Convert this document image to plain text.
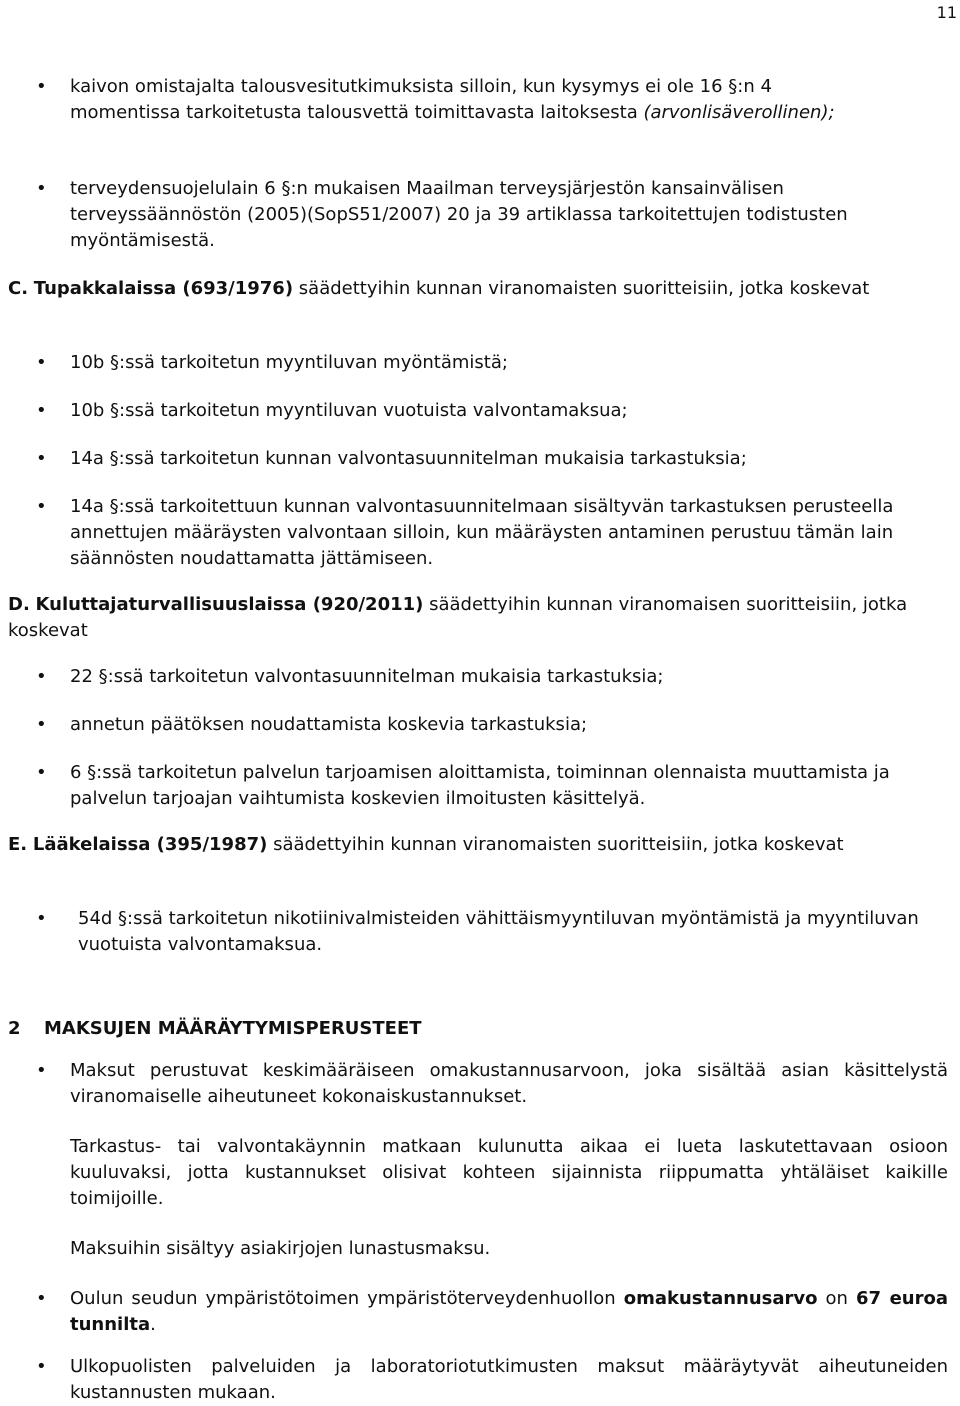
11
• kaivon omistajalta talousvesitutkimuksista silloin, kun kysymys ei ole 16 §:n 4 momentissa tarkoitetusta talousvettä toimittavasta laitoksesta (arvonlisäverollinen);
• terveydensuojelulain 6 §:n mukaisen Maailman terveysjärjestön kansainvälisen terveyssäännöstön (2005)(SopS51/2007) 20 ja 39 artiklassa tarkoitettujen todistusten myöntämisestä.
C. Tupakkalaissa (693/1976) säädettyihin kunnan viranomaisten suoritteisiin, jotka koskevat
• 10b §:ssä tarkoitetun myyntiluvan myöntämistä;
• 10b §:ssä tarkoitetun myyntiluvan vuotuista valvontamaksua;
• 14a §:ssä tarkoitetun kunnan valvontasuunnitelman mukaisia tarkastuksia;
• 14a §:ssä tarkoitettuun kunnan valvontasuunnitelmaan sisältyvän tarkastuksen perusteella annettujen määräysten valvontaan silloin, kun määräysten antaminen perustuu tämän lain säännösten noudattamatta jättämiseen.
D. Kuluttajaturvallisuuslaissa (920/2011) säädettyihin kunnan viranomaisen suoritteisiin, jotka koskevat
• 22 §:ssä tarkoitetun valvontasuunnitelman mukaisia tarkastuksia;
• annetun päätöksen noudattamista koskevia tarkastuksia;
• 6 §:ssä tarkoitetun palvelun tarjoamisen aloittamista, toiminnan olennaista muuttamista ja palvelun tarjoajan vaihtumista koskevien ilmoitusten käsittelyä.
E. Lääkelaissa (395/1987) säädettyihin kunnan viranomaisten suoritteisiin, jotka koskevat
• 54d §:ssä tarkoitetun nikotiinivalmisteiden vähittäismyyntiluvan myöntämistä ja myyntiluvan vuotuista valvontamaksua.
2 MAKSUJEN MÄÄRÄYTYMISPERUSTEET
• Maksut perustuvat keskimääräiseen omakustannusarvoon, joka sisältää asian käsittelystä viranomaiselle aiheutuneet kokonaiskustannukset.
Tarkastus- tai valvontakäynnin matkaan kulunutta aikaa ei lueta laskutettavaan osioon kuuluvaksi, jotta kustannukset olisivat kohteen sijainnista riippumatta yhtäläiset kaikille toimijoille.
Maksuihin sisältyy asiakirjojen lunastusmaksu.
• Oulun seudun ympäristötoimen ympäristöterveydenhuollon omakustannusarvo on 67 euroa tunnilta.
• Ulkopuolisten palveluiden ja laboratoriotutkimusten maksut määräytyvät aiheutuneiden kustannusten mukaan.
